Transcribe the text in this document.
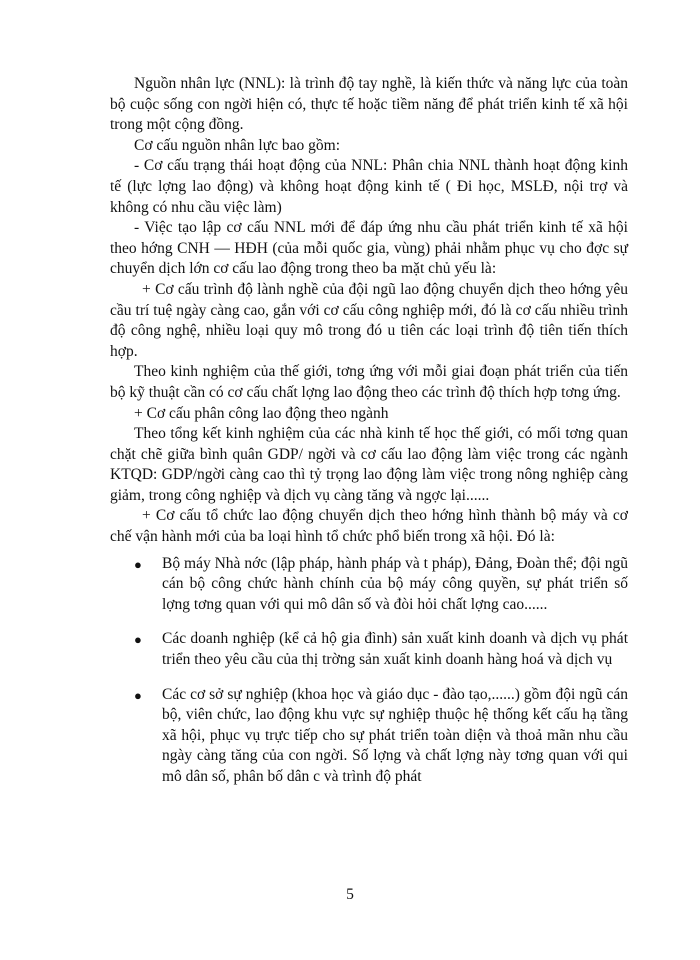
Nguồn nhân lực (NNL): là trình độ tay nghề, là kiến thức và năng lực của toàn bộ cuộc sống con ngời hiện có, thực tế hoặc tiềm năng để phát triển kinh tế xã hội trong một cộng đồng.

Cơ cấu nguồn nhân lực bao gồm:

- Cơ cấu trạng thái hoạt động của NNL: Phân chia NNL thành hoạt động kinh tế (lực lợng lao động) và không hoạt động kinh tế ( Đi học, MSLĐ, nội trợ và không có nhu cầu việc làm)

- Việc tạo lập cơ cấu NNL mới để đáp ứng nhu cầu phát triển kinh tế xã hội theo hớng CNH — HĐH (của mỗi quốc gia, vùng) phải nhằm phục vụ cho đợc sự chuyển dịch lớn cơ cấu lao động trong theo ba mặt chủ yếu là:

+ Cơ cấu trình độ lành nghề của đội ngũ lao động chuyển dịch theo hớng yêu cầu trí tuệ ngày càng cao, gắn với cơ cấu công nghiệp mới, đó là cơ cấu nhiều trình độ công nghệ, nhiều loại quy mô trong đó u tiên các loại trình độ tiên tiến thích hợp.

Theo kinh nghiệm của thế giới, tơng ứng với mỗi giai đoạn phát triển của tiến bộ kỹ thuật cần có cơ cấu chất lợng lao động theo các trình độ thích hợp tơng ứng.

+ Cơ cấu phân công lao động theo ngành

Theo tổng kết kinh nghiệm của các nhà kinh tế học thế giới, có mối tơng quan chặt chẽ giữa bình quân GDP/ ngời và cơ cấu lao động làm việc trong các ngành KTQD: GDP/ngời càng cao thì tỷ trọng lao động làm việc trong nông nghiệp càng giảm, trong công nghiệp và dịch vụ càng tăng và ngợc lại......

+ Cơ cấu tổ chức lao động chuyển dịch theo hớng hình thành bộ máy và cơ chế vận hành mới của ba loại hình tổ chức phổ biến trong xã hội. Đó là:

● Bộ máy Nhà nớc (lập pháp, hành pháp và t pháp), Đảng, Đoàn thể; đội ngũ cán bộ công chức hành chính của bộ máy công quyền, sự phát triển số lợng tơng quan với qui mô dân số và đòi hỏi chất lợng cao......
● Các doanh nghiệp (kể cả hộ gia đình) sản xuất kinh doanh và dịch vụ phát triển theo yêu cầu của thị trờng sản xuất kinh doanh hàng hoá và dịch vụ
● Các cơ sở sự nghiệp (khoa học và giáo dục - đào tạo,......) gồm đội ngũ cán bộ, viên chức, lao động khu vực sự nghiệp thuộc hệ thống kết cấu hạ tầng xã hội, phục vụ trực tiếp cho sự phát triển toàn diện và thoả mãn nhu cầu ngày càng tăng của con ngời. Số lợng và chất lợng này tơng quan với qui mô dân số, phân bố dân c và trình độ phát
5
